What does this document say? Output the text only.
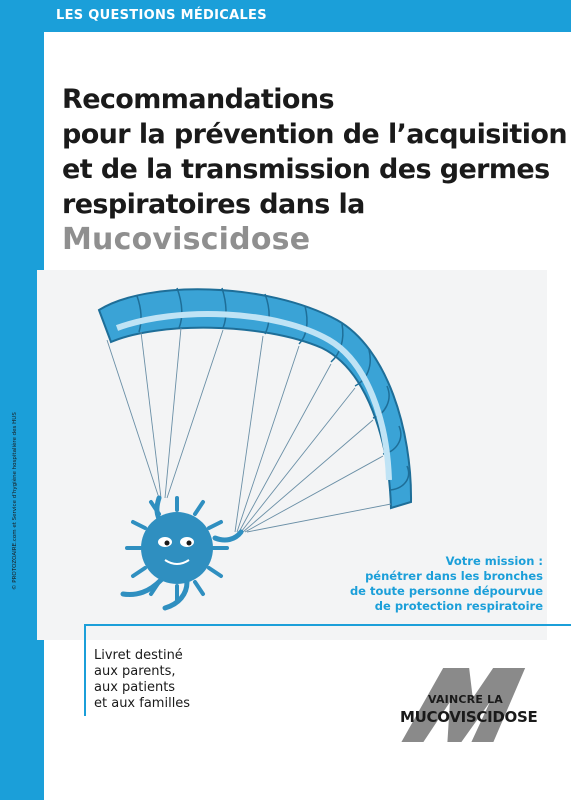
LES QUESTIONS MÉDICALES
Recommandations
pour la prévention de l’acquisition
et de la transmission des germes
respiratoires dans la
Mucoviscidose
© PROTOZOAIRE.com et Service d’hygiène hospitalière des HUS	Votre mission :
pénétrer dans les bronches
de toute personne dépourvue
de protection respiratoire
Livret destiné
aux parents,
aux patients
et aux familles	VAINCRE LA
MUCOVISCIDOSE
